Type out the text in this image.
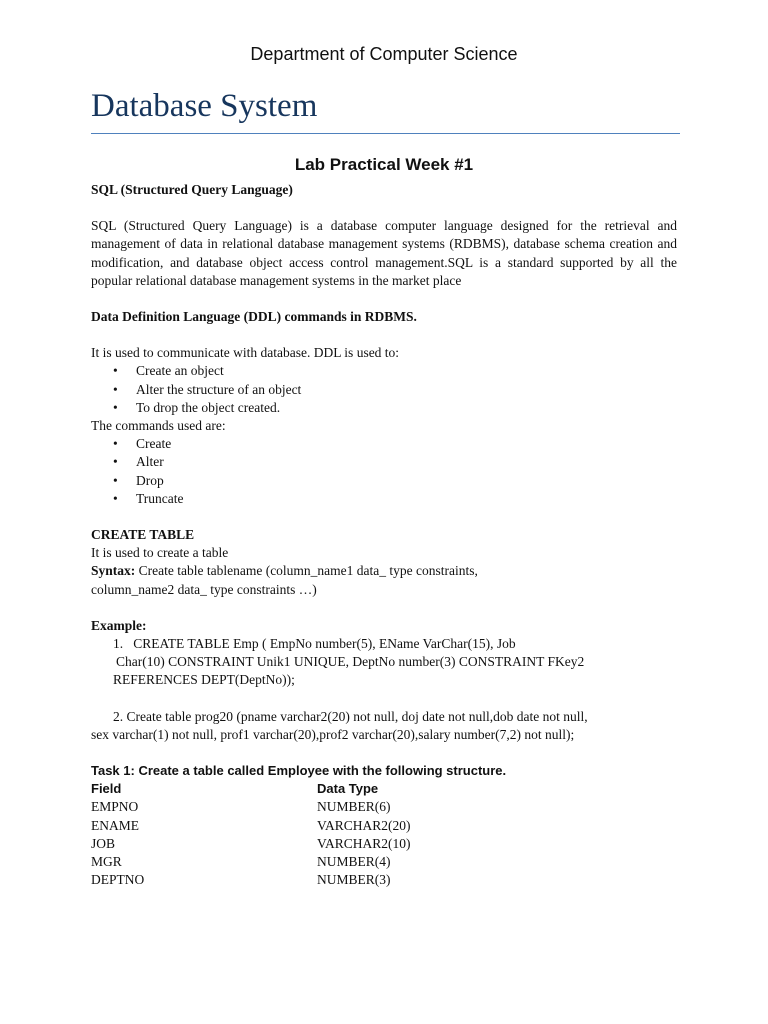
Department of Computer Science
Database System
Lab Practical Week #1

SQL (Structured Query Language)

SQL (Structured Query Language) is a database computer language designed for the retrieval and management of data in relational database management systems (RDBMS), database schema creation and modification, and database object access control management.SQL is a standard supported by all the popular relational database management systems in the market place

Data Definition Language (DDL) commands in RDBMS.

It is used to communicate with database. DDL is used to:

• Create an object
• Alter the structure of an object
• To drop the object created.

The commands used are:

• Create
• Alter
• Drop
• Truncate

CREATE TABLE

It is used to create a table

Syntax: Create table tablename (column_name1 data_ type constraints,

column_name2 data_ type constraints …)

Example:

1. CREATE TABLE Emp ( EmpNo number(5), EName VarChar(15), Job

Char(10) CONSTRAINT Unik1 UNIQUE, DeptNo number(3) CONSTRAINT FKey2

REFERENCES DEPT(DeptNo));

2. Create table prog20 (pname varchar2(20) not null, doj date not null,dob date not null,

sex varchar(1) not null, prof1 varchar(20),prof2 varchar(20),salary number(7,2) not null);

Task 1: Create a table called Employee with the following structure.

Field	Data Type
EMPNO	NUMBER(6)
ENAME	VARCHAR2(20)
JOB	VARCHAR2(10)
MGR	NUMBER(4)
DEPTNO	NUMBER(3)
